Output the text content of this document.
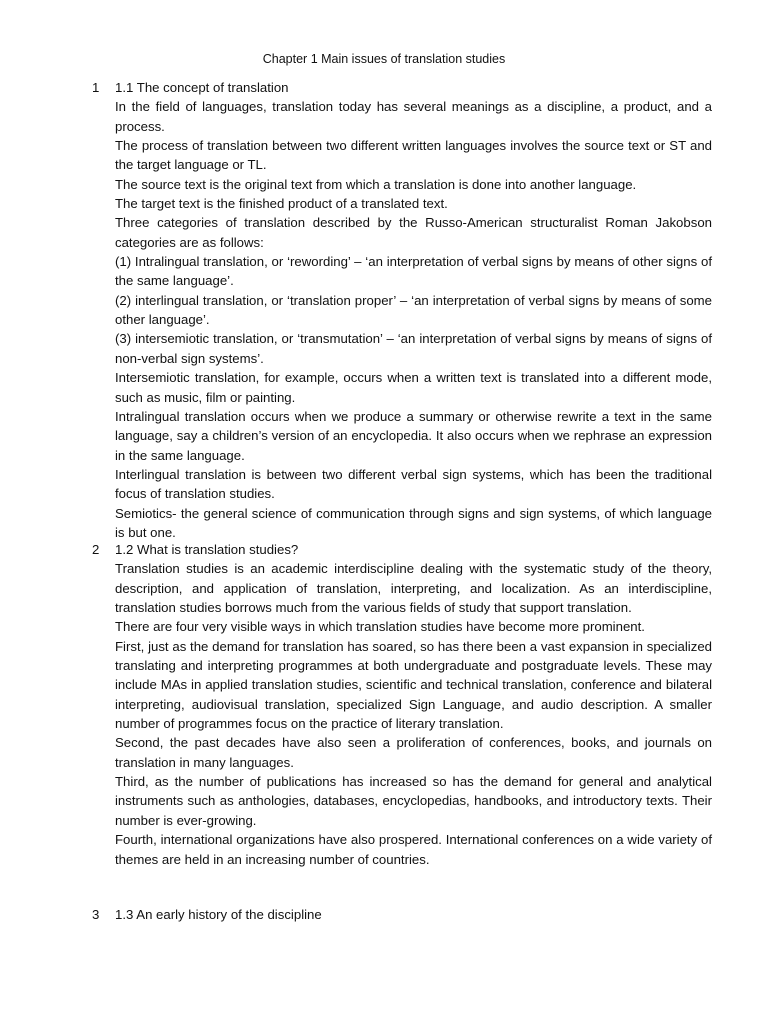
Chapter 1 Main issues of translation studies
1	1.1 The concept of translation

In the field of languages, translation today has several meanings as a discipline, a product, and a process.

The process of translation between two different written languages involves the source text or ST and the target language or TL.

The source text is the original text from which a translation is done into another language.

The target text is the finished product of a translated text.

Three categories of translation described by the Russo-American structuralist Roman Jakobson categories are as follows:

(1) Intralingual translation, or ‘rewording’ – ‘an interpretation of verbal signs by means of other signs of the same language’.

(2) interlingual translation, or ‘translation proper’ – ‘an interpretation of verbal signs by means of some other language’.

(3) intersemiotic translation, or ‘transmutation’ – ‘an interpretation of verbal signs by means of signs of non-verbal sign systems’.

Intersemiotic translation, for example, occurs when a written text is translated into a different mode, such as music, film or painting.

Intralingual translation occurs when we produce a summary or otherwise rewrite a text in the same language, say a children’s version of an encyclopedia. It also occurs when we rephrase an expression in the same language.

Interlingual translation is between two different verbal sign systems, which has been the traditional focus of translation studies.

Semiotics- the general science of communication through signs and sign systems, of which language is but one.

2	1.2 What is translation studies?

Translation studies is an academic interdiscipline dealing with the systematic study of the theory, description, and application of translation, interpreting, and localization. As an interdiscipline, translation studies borrows much from the various fields of study that support translation.

There are four very visible ways in which translation studies have become more prominent.

First, just as the demand for translation has soared, so has there been a vast expansion in specialized translating and interpreting programmes at both undergraduate and postgraduate levels. These may include MAs in applied translation studies, scientific and technical translation, conference and bilateral interpreting, audiovisual translation, specialized Sign Language, and audio description. A smaller number of programmes focus on the practice of literary translation.

Second, the past decades have also seen a proliferation of conferences, books, and journals on translation in many languages.

Third, as the number of publications has increased so has the demand for general and analytical instruments such as anthologies, databases, encyclopedias, handbooks, and introductory texts. Their number is ever-growing.

Fourth, international organizations have also prospered. International conferences on a wide variety of themes are held in an increasing number of countries.

3	1.3 An early history of the discipline
